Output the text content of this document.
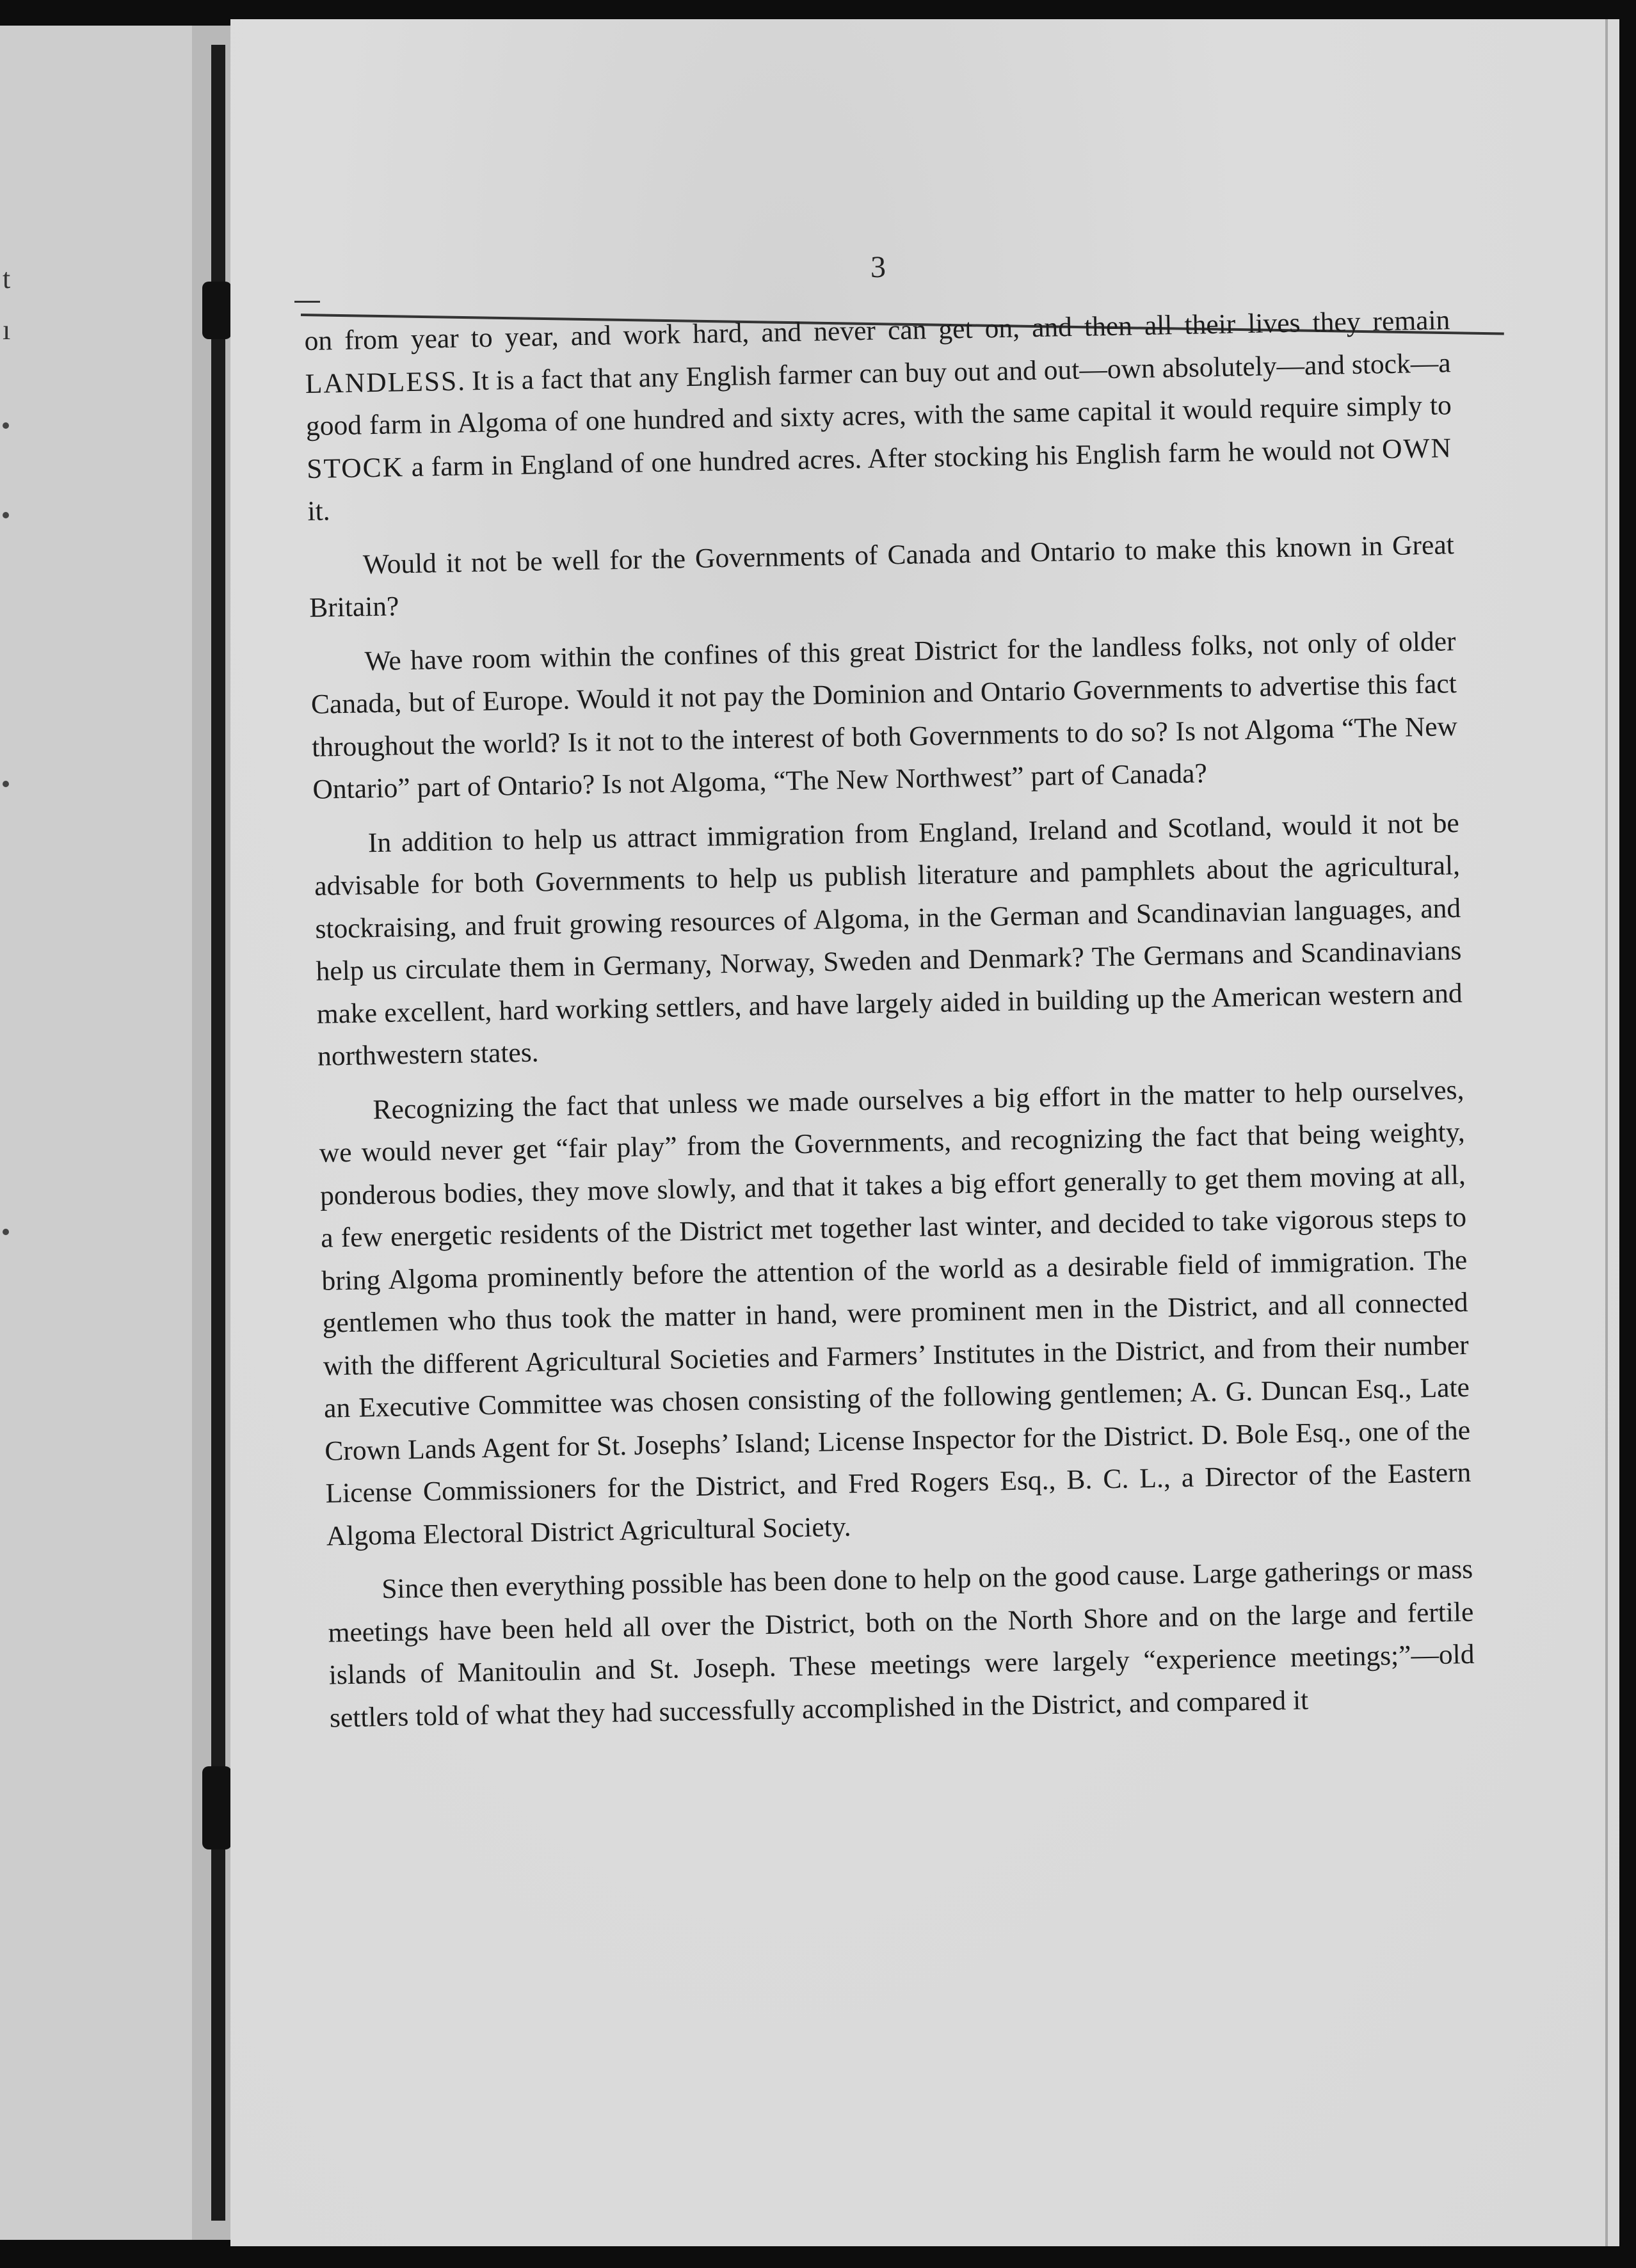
t
ı
3

on from year to year, and work hard, and never can get on, and then all their lives they remain LANDLESS. It is a fact that any English farmer can buy out and out—own absolutely—and stock—a good farm in Algoma of one hundred and sixty acres, with the same capital it would require simply to STOCK a farm in England of one hundred acres. After stocking his English farm he would not OWN it.

Would it not be well for the Governments of Canada and Ontario to make this known in Great Britain?

We have room within the confines of this great District for the landless folks, not only of older Canada, but of Europe. Would it not pay the Dominion and Ontario Governments to advertise this fact throughout the world? Is it not to the interest of both Governments to do so? Is not Algoma “The New Ontario” part of Ontario? Is not Algoma, “The New Northwest” part of Canada?

In addition to help us attract immigration from England, Ireland and Scotland, would it not be advisable for both Governments to help us publish literature and pamphlets about the agricultural, stockraising, and fruit growing resources of Algoma, in the German and Scandinavian languages, and help us circulate them in Germany, Norway, Sweden and Denmark? The Germans and Scandinavians make excellent, hard working settlers, and have largely aided in building up the American western and northwestern states.

Recognizing the fact that unless we made ourselves a big effort in the matter to help ourselves, we would never get “fair play” from the Governments, and recognizing the fact that being weighty, ponderous bodies, they move slowly, and that it takes a big effort generally to get them moving at all, a few energetic residents of the District met together last winter, and decided to take vigorous steps to bring Algoma prominently before the attention of the world as a desirable field of immigration. The gentlemen who thus took the matter in hand, were prominent men in the District, and all connected with the different Agricultural Societies and Farmers’ Institutes in the District, and from their number an Executive Committee was chosen consisting of the following gentlemen; A. G. Duncan Esq., Late Crown Lands Agent for St. Josephs’ Island; License Inspector for the District. D. Bole Esq., one of the License Commissioners for the District, and Fred Rogers Esq., B. C. L., a Director of the Eastern Algoma Electoral District Agricultural Society.

Since then everything possible has been done to help on the good cause. Large gatherings or mass meetings have been held all over the District, both on the North Shore and on the large and fertile islands of Manitoulin and St. Joseph. These meetings were largely “experience meetings;”—old settlers told of what they had successfully accomplished in the District, and compared it
